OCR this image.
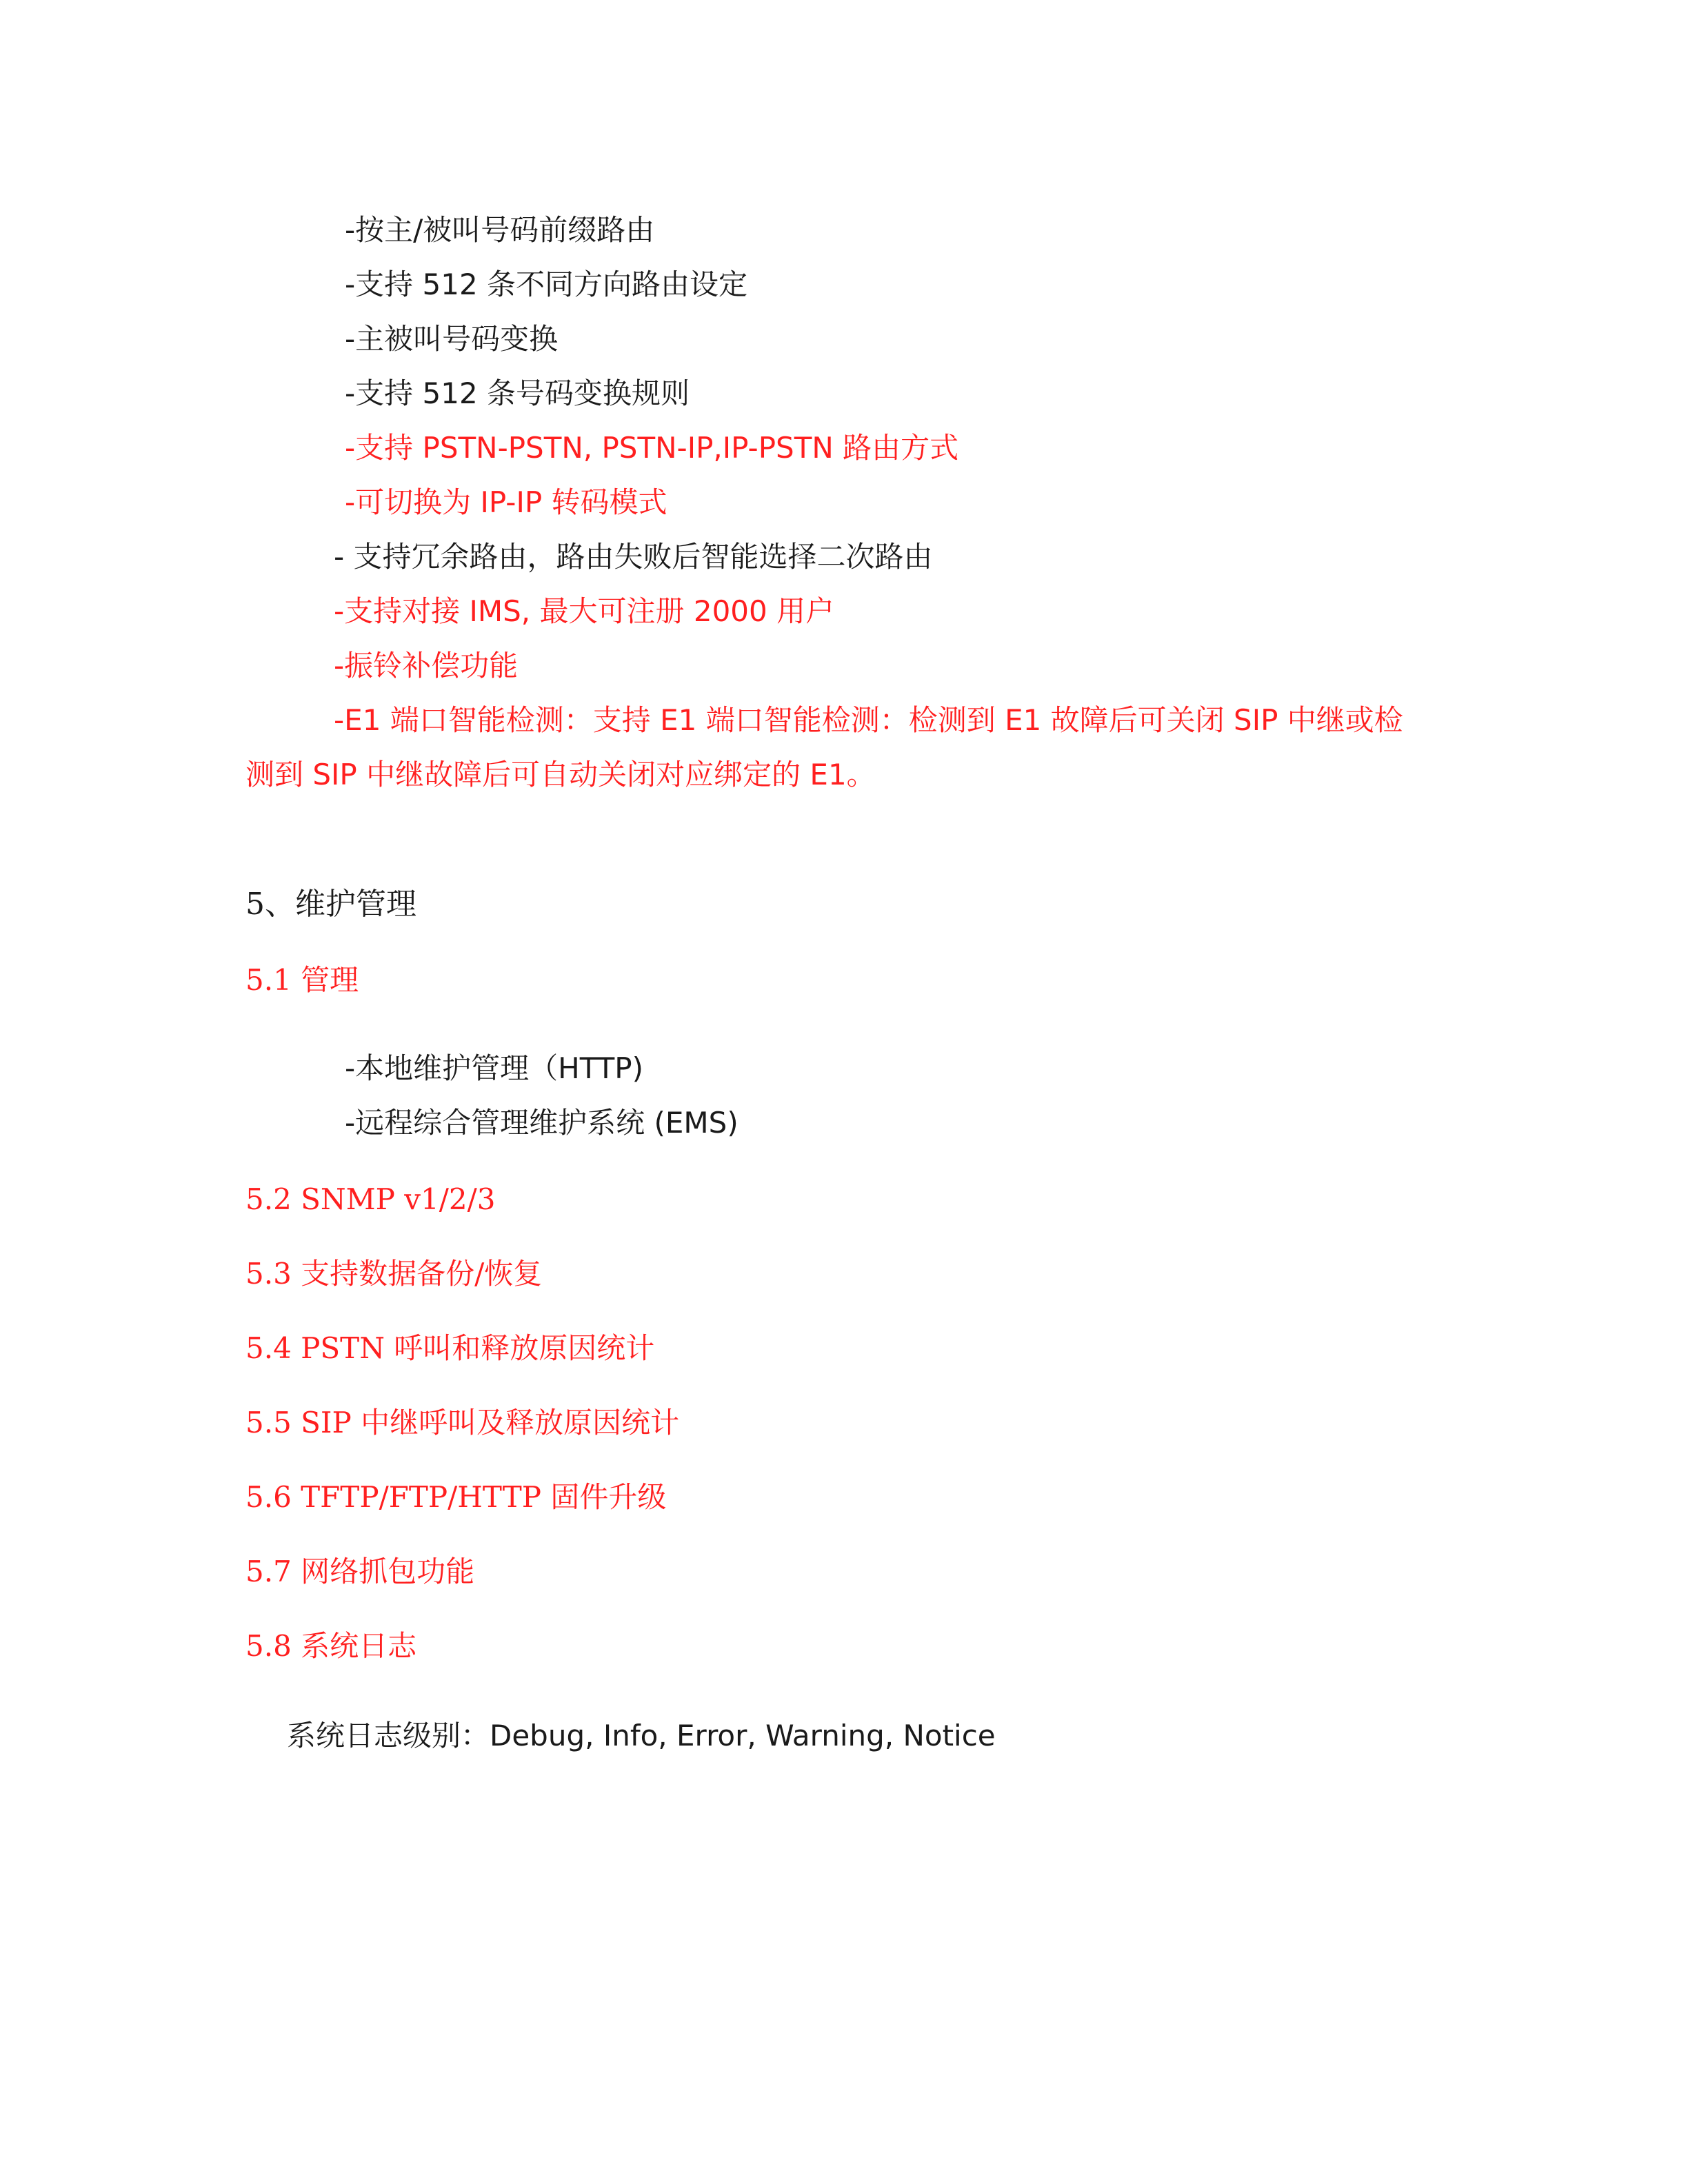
-按主/被叫号码前缀路由
-支持 512 条不同方向路由设定
-主被叫号码变换
-支持 512 条号码变换规则
-支持 PSTN-PSTN, PSTN-IP,IP-PSTN 路由方式
-可切换为 IP-IP 转码模式
- 支持冗余路由，路由失败后智能选择二次路由
-支持对接 IMS, 最大可注册 2000 用户
-振铃补偿功能
-E1 端口智能检测：支持 E1 端口智能检测：检测到 E1 故障后可关闭 SIP 中继或检
测到 SIP 中继故障后可自动关闭对应绑定的 E1。
5、维护管理
5.1 管理
-本地维护管理（HTTP)
-远程综合管理维护系统 (EMS)
5.2 SNMP v1/2/3
5.3 支持数据备份/恢复
5.4 PSTN 呼叫和释放原因统计
5.5 SIP 中继呼叫及释放原因统计
5.6 TFTP/FTP/HTTP 固件升级
5.7 网络抓包功能
5.8 系统日志
系统日志级别：Debug, Info, Error, Warning, Notice
